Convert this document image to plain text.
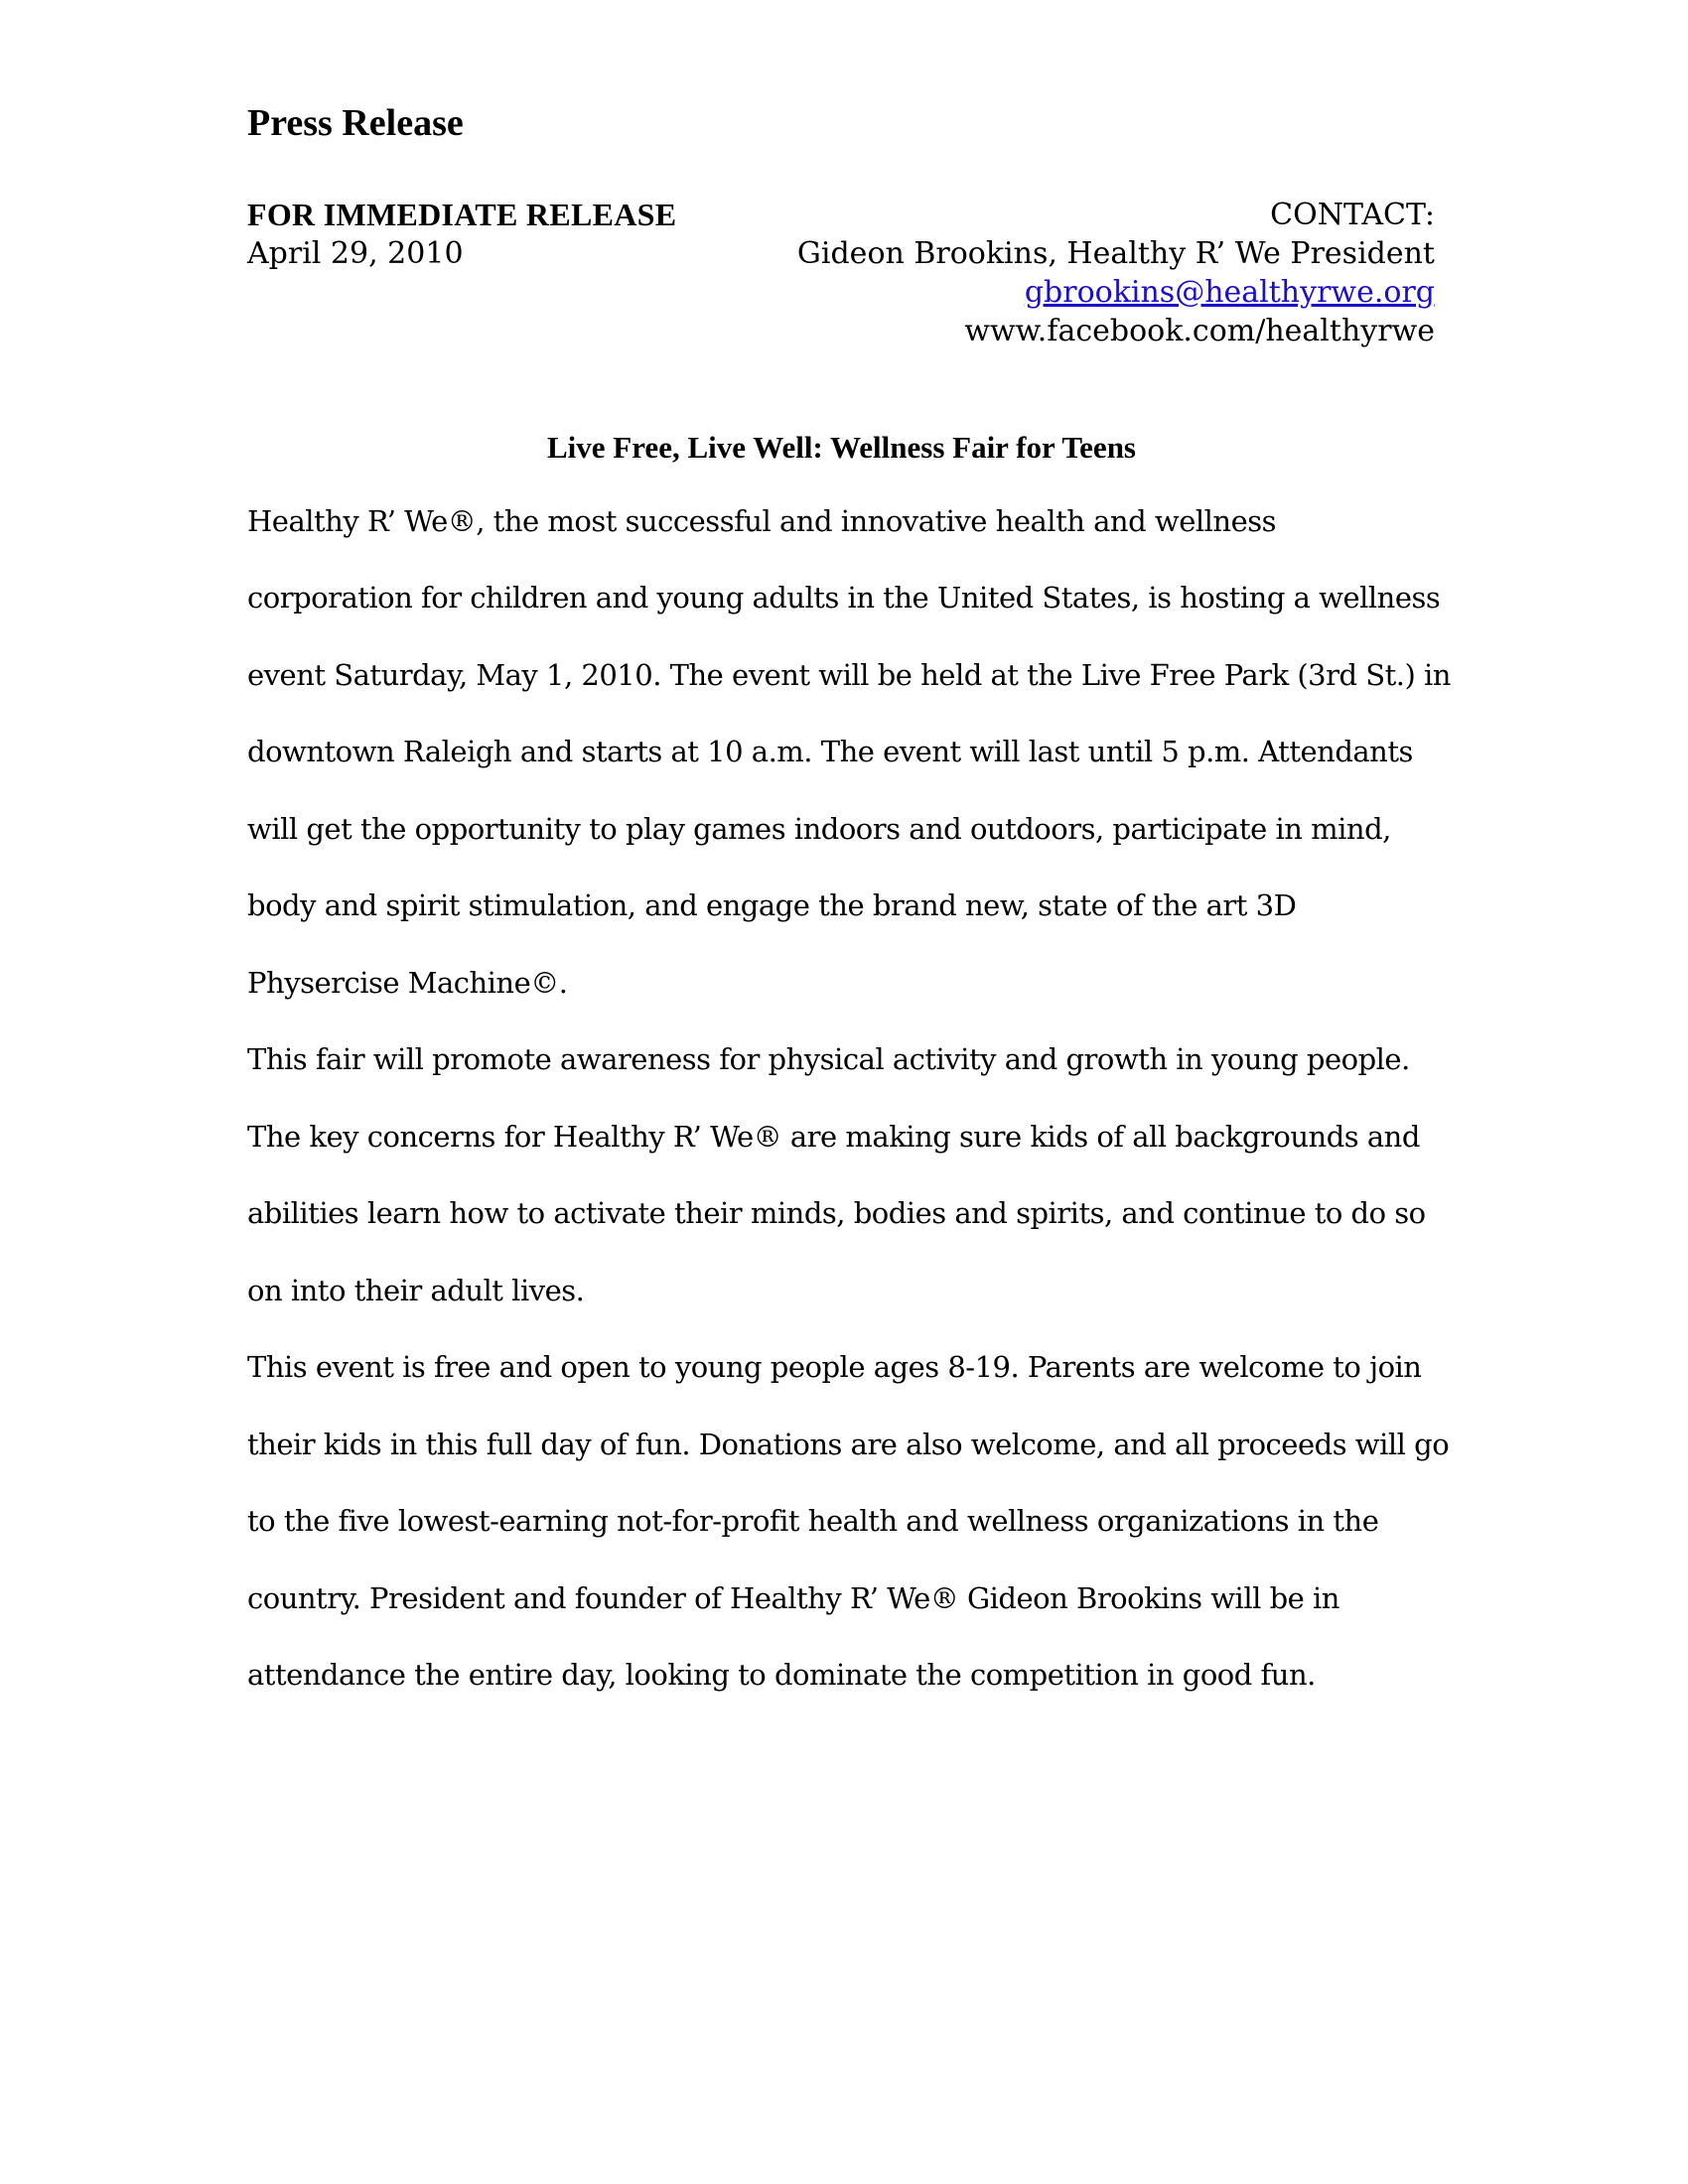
Press Release
FOR IMMEDIATE RELEASE
April 29, 2010
CONTACT:
Gideon Brookins, Healthy R’ We President
gbrookins@healthyrwe.org
www.facebook.com/healthyrwe
Live Free, Live Well: Wellness Fair for Teens
Healthy R’ We®, the most successful and innovative health and wellness
corporation for children and young adults in the United States, is hosting a wellness
event Saturday, May 1, 2010. The event will be held at the Live Free Park (3rd St.) in
downtown Raleigh and starts at 10 a.m. The event will last until 5 p.m. Attendants
will get the opportunity to play games indoors and outdoors, participate in mind,
body and spirit stimulation, and engage the brand new, state of the art 3D
Physercise Machine©.
This fair will promote awareness for physical activity and growth in young people.
The key concerns for Healthy R’ We® are making sure kids of all backgrounds and
abilities learn how to activate their minds, bodies and spirits, and continue to do so
on into their adult lives.
This event is free and open to young people ages 8-19. Parents are welcome to join
their kids in this full day of fun. Donations are also welcome, and all proceeds will go
to the five lowest-earning not-for-profit health and wellness organizations in the
country. President and founder of Healthy R’ We® Gideon Brookins will be in
attendance the entire day, looking to dominate the competition in good fun.
